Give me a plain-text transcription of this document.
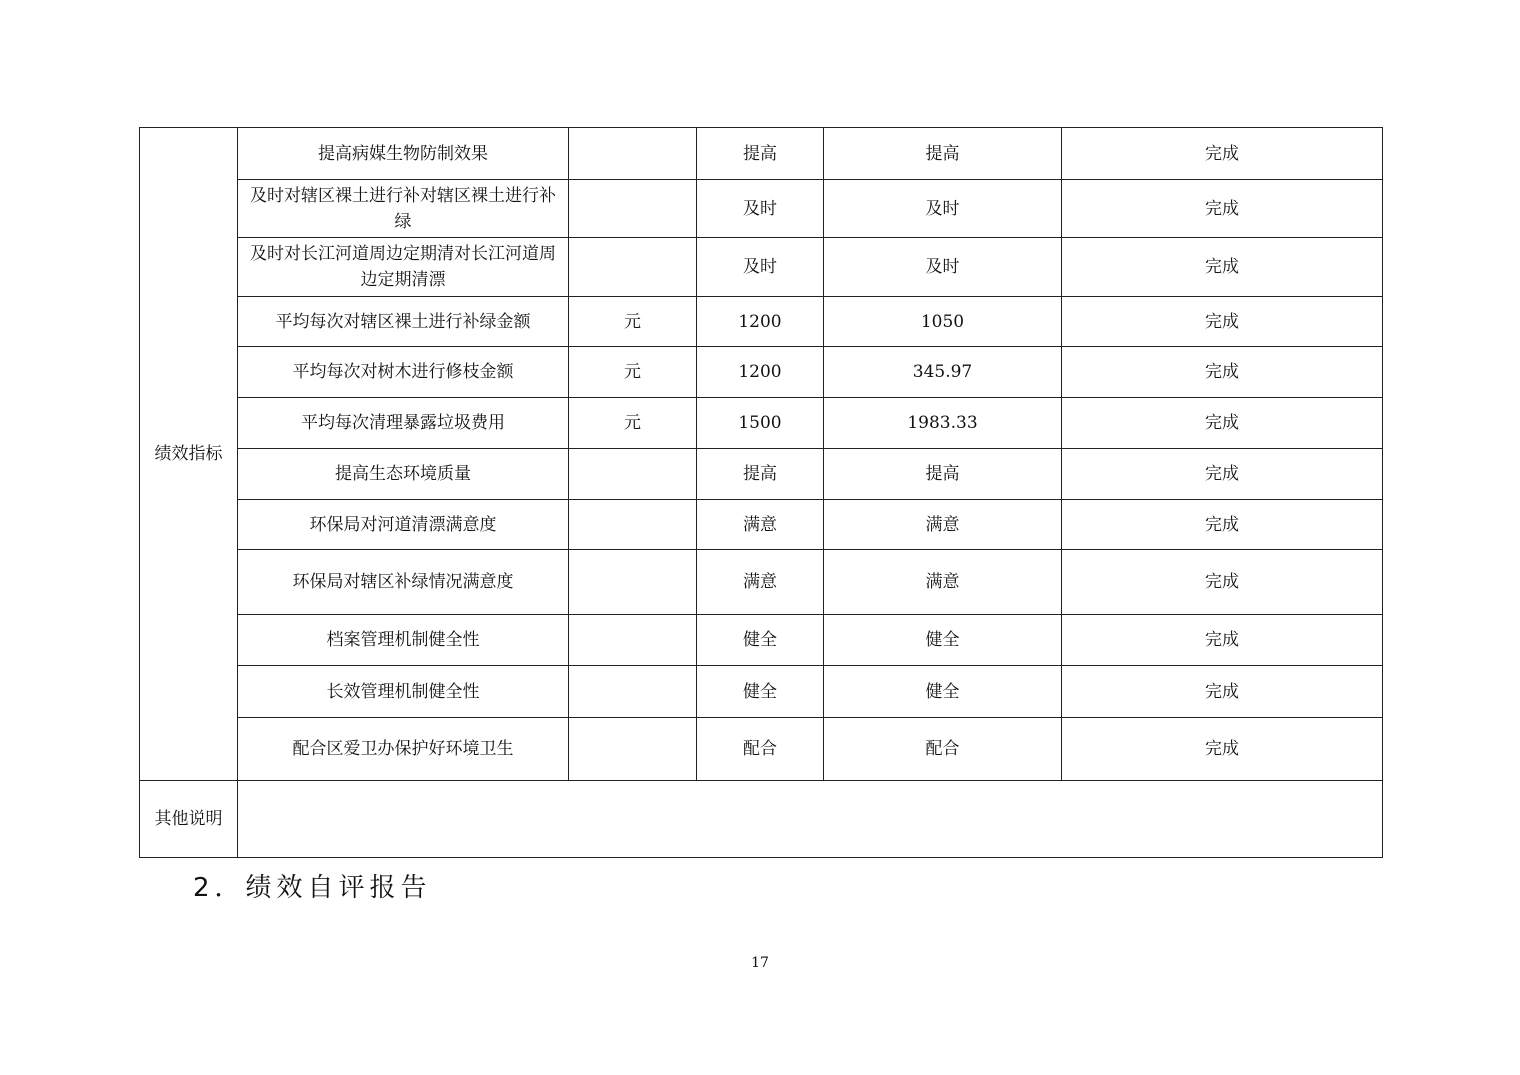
绩效指标	提高病媒生物防制效果		提高	提高	完成
	及时对辖区裸土进行补对辖区裸土进行补绿		及时	及时	完成
	及时对长江河道周边定期清对长江河道周边定期清漂		及时	及时	完成
	平均每次对辖区裸土进行补绿金额	元	1200	1050	完成
	平均每次对树木进行修枝金额	元	1200	345.97	完成
	平均每次清理暴露垃圾费用	元	1500	1983.33	完成
	提高生态环境质量		提高	提高	完成
	环保局对河道清漂满意度		满意	满意	完成
	环保局对辖区补绿情况满意度		满意	满意	完成
	档案管理机制健全性		健全	健全	完成
	长效管理机制健全性		健全	健全	完成
	配合区爱卫办保护好环境卫生		配合	配合	完成
其他说明					
2．绩效自评报告
17
